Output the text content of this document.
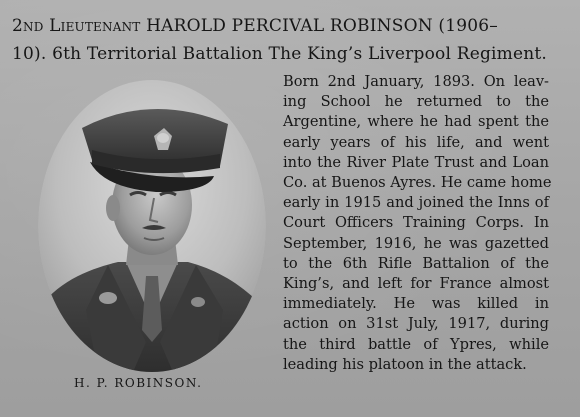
2nd Lieutenant HAROLD PERCIVAL ROBINSON (1906–
10). 6th Territorial Battalion The King’s Liverpool Regiment.
H. P. ROBINSON.
Born 2nd January, 1893. On leav-
ing School he returned to the
Argentine, where he had spent the
early years of his life, and went
into the River Plate Trust and Loan
Co. at Buenos Ayres. He came home
early in 1915 and joined the Inns of
Court Officers Training Corps. In
September, 1916, he was gazetted
to the 6th Rifle Battalion of the
King’s, and left for France almost
immediately. He was killed in
action on 31st July, 1917, during
the third battle of Ypres, while
leading his platoon in the attack.
